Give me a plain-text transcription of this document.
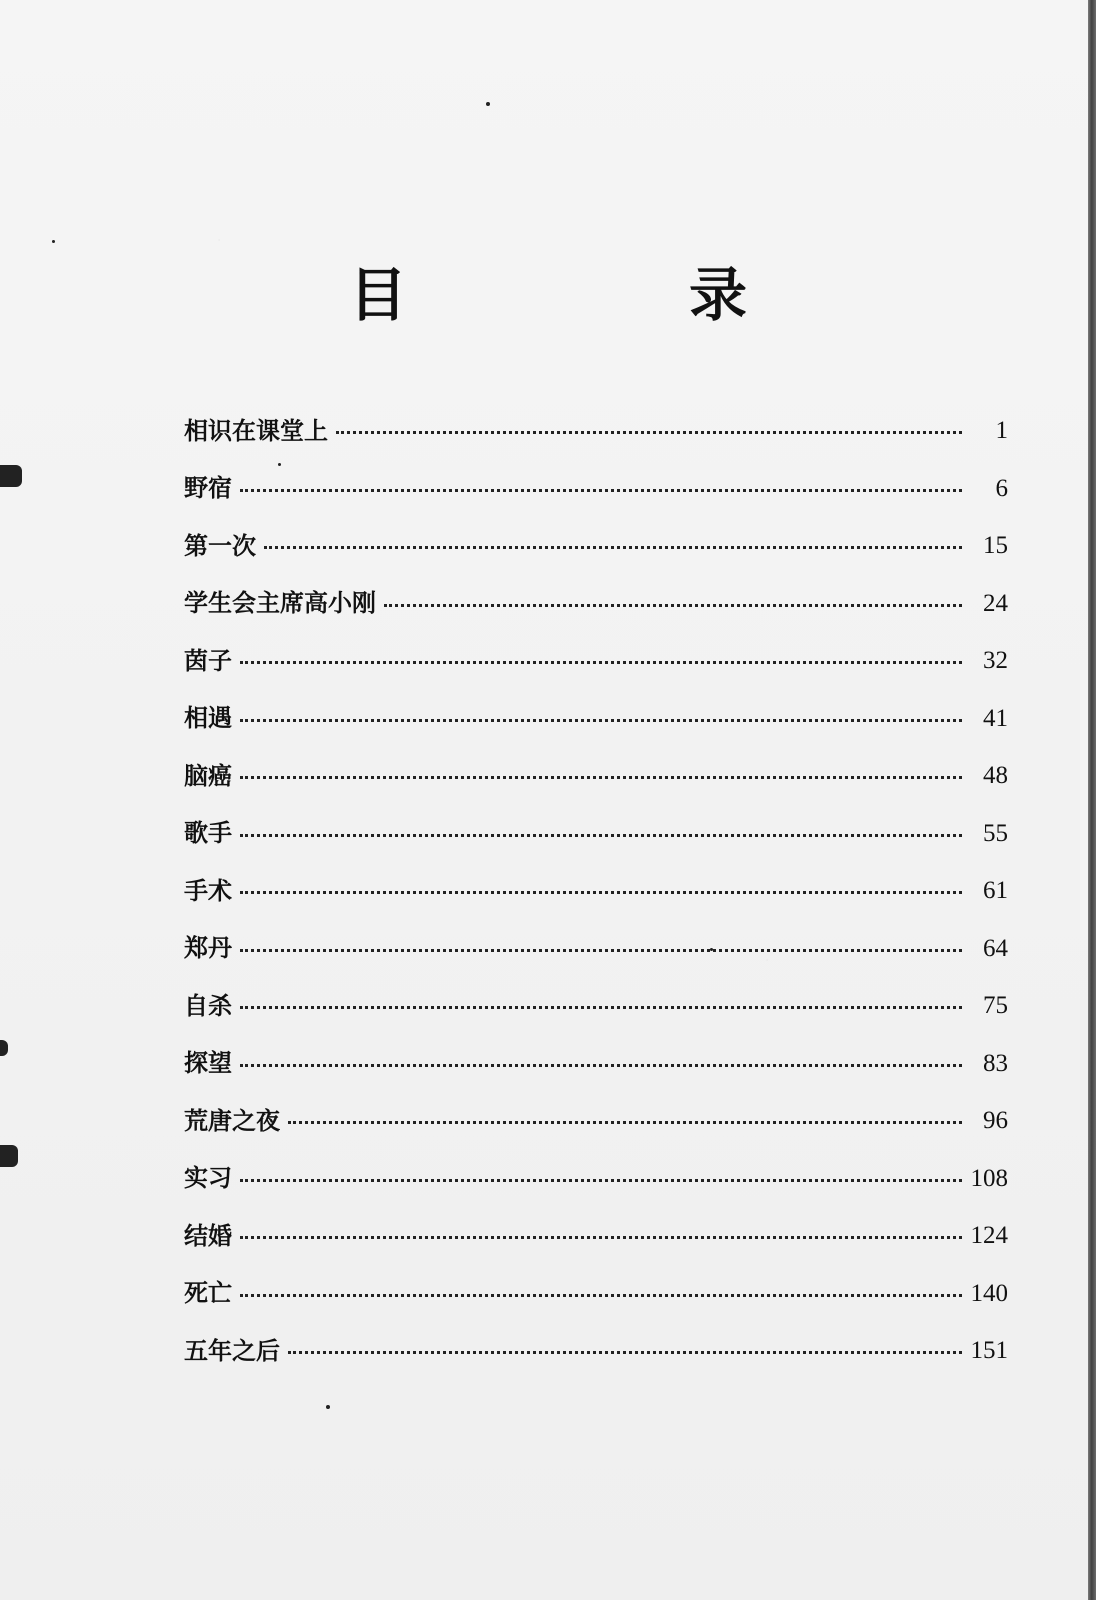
目　录
相识在课堂上	1
野宿	6
第一次	15
学生会主席高小刚	24
茵子	32
相遇	41
脑癌	48
歌手	55
手术	61
郑丹	64
自杀	75
探望	83
荒唐之夜	96
实习	108
结婚	124
死亡	140
五年之后	151
